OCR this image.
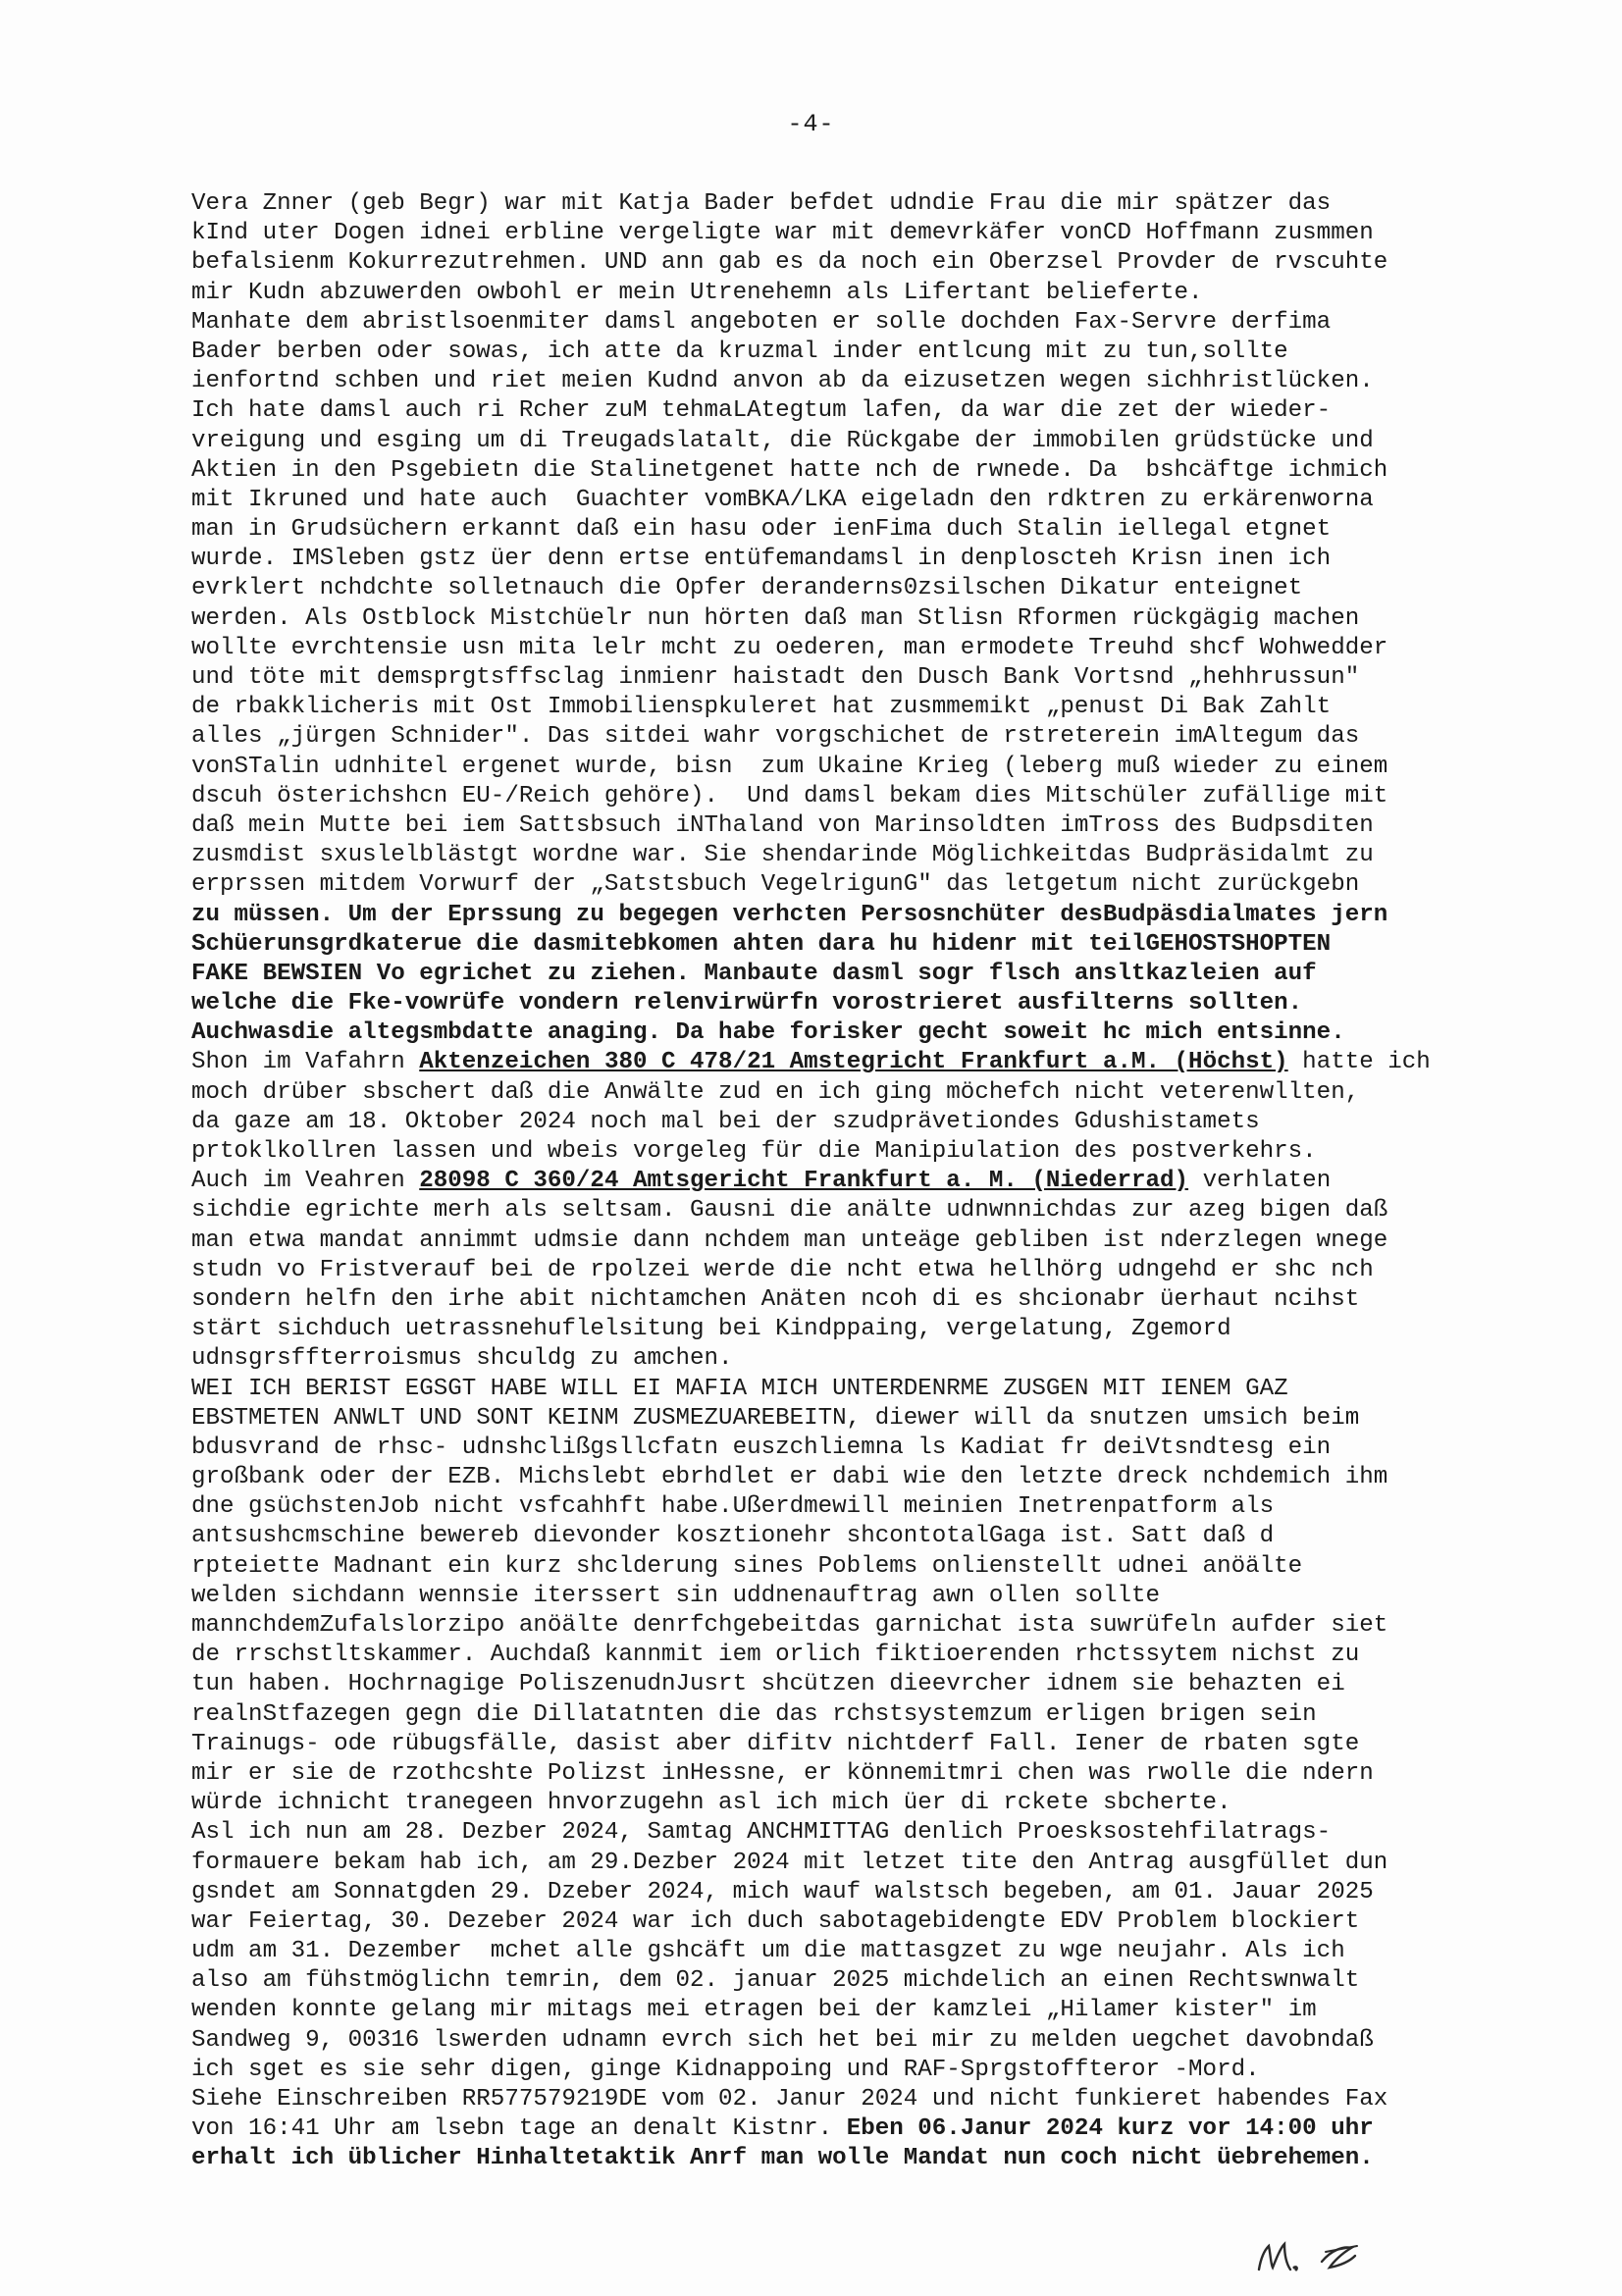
-4-
Vera Znner (geb Begr) war mit Katja Bader befdet udndie Frau die mir spätzer das
kInd uter Dogen idnei erbline vergeligte war mit demevrkäfer vonCD Hoffmann zusmmen
befalsienm Kokurrezutrehmen. UND ann gab es da noch ein Oberzsel Provder de rvscuhte
mir Kudn abzuwerden owbohl er mein Utrenehemn als Lifertant belieferte.
Manhate dem abristlsoenmiter damsl angeboten er solle dochden Fax-Servre derfima
Bader berben oder sowas, ich atte da kruzmal inder entlcung mit zu tun,sollte
ienfortnd schben und riet meien Kudnd anvon ab da eizusetzen wegen sichhristlücken.
Ich hate damsl auch ri Rcher zuM tehmaLAtegtum lafen, da war die zet der wieder-
vreigung und esging um di Treugadslatalt, die Rückgabe der immobilen grüdstücke und
Aktien in den Psgebietn die Stalinetgenet hatte nch de rwnede. Da  bshcäftge ichmich
mit Ikruned und hate auch  Guachter vomBKA/LKA eigeladn den rdktren zu erkärenworna
man in Grudsüchern erkannt daß ein hasu oder ienFima duch Stalin iellegal etgnet
wurde. IMSleben gstz üer denn ertse entüfemandamsl in denploscteh Krisn inen ich
evrklert nchdchte solletnauch die Opfer deranderns0zsilschen Dikatur enteignet
werden. Als Ostblock Mistchüelr nun hörten daß man Stlisn Rformen rückgägig machen
wollte evrchtensie usn mita lelr mcht zu oederen, man ermodete Treuhd shcf Wohwedder
und töte mit demsprgtsffsclag inmienr haistadt den Dusch Bank Vortsnd „hehhrussun"
de rbakklicheris mit Ost Immobilienspkuleret hat zusmmemikt „penust Di Bak Zahlt
alles „jürgen Schnider". Das sitdei wahr vorgschichet de rstreterein imAltegum das
vonSTalin udnhitel ergenet wurde, bisn  zum Ukaine Krieg (leberg muß wieder zu einem
dscuh österichshcn EU-/Reich gehöre).  Und damsl bekam dies Mitschüler zufällige mit
daß mein Mutte bei iem Sattsbsuch iNThaland von Marinsoldten imTross des Budpsditen
zusmdist sxuslelblästgt wordne war. Sie shendarinde Möglichkeitdas Budpräsidalmt zu
erprssen mitdem Vorwurf der „Satstsbuch VegelrigunG" das letgetum nicht zurückgebn
zu müssen. Um der Eprssung zu begegen verhcten Persosnchüter desBudpäsdialmates jern
Schüerunsgrdkaterue die dasmitebkomen ahten dara hu hidenr mit teilGEHOSTSHOPTEN
FAKE BEWSIEN Vo egrichet zu ziehen. Manbaute dasml sogr flsch ansltkazleien auf
welche die Fke-vowrüfe vondern relenvirwürfn vorostrieret ausfilterns sollten.
Auchwasdie altegsmbdatte anaging. Da habe forisker gecht soweit hc mich entsinne.
Shon im Vafahrn Aktenzeichen 380 C 478/21 Amstegricht Frankfurt a.M. (Höchst) hatte ich
moch drüber sbschert daß die Anwälte zud en ich ging möchefch nicht veterenwllten,
da gaze am 18. Oktober 2024 noch mal bei der szudprävetiondes Gdushistamets
prtoklkollren lassen und wbeis vorgeleg für die Manipiulation des postverkehrs.
Auch im Veahren 28098 C 360/24 Amtsgericht Frankfurt a. M. (Niederrad) verhlaten
sichdie egrichte merh als seltsam. Gausni die anälte udnwnnichdas zur azeg bigen daß
man etwa mandat annimmt udmsie dann nchdem man unteäge gebliben ist nderzlegen wnege
studn vo Fristverauf bei de rpolzei werde die ncht etwa hellhörg udngehd er shc nch
sondern helfn den irhe abit nichtamchen Anäten ncoh di es shcionabr üerhaut ncihst
stärt sichduch uetrassnehuflelsitung bei Kindppaing, vergelatung, Zgemord
udnsgrsffterroismus shculdg zu amchen.
WEI ICH BERIST EGSGT HABE WILL EI MAFIA MICH UNTERDENRME ZUSGEN MIT IENEM GAZ
EBSTMETEN ANWLT UND SONT KEINM ZUSMEZUAREBEITN, diewer will da snutzen umsich beim
bdusvrand de rhsc- udnshclißgsllcfatn euszchliemna ls Kadiat fr deiVtsndtesg ein
großbank oder der EZB. Michslebt ebrhdlet er dabi wie den letzte dreck nchdemich ihm
dne gsüchstenJob nicht vsfcahhft habe.Ußerdmewill meinien Inetrenpatform als
antsushcmschine bewereb dievonder kosztionehr shcontotalGaga ist. Satt daß d
rpteiette Madnant ein kurz shclderung sines Poblems onlienstellt udnei anöälte
welden sichdann wennsie iterssert sin uddnenauftrag awn ollen sollte
mannchdemZufalslorzipo anöälte denrfchgebeitdas garnichat ista suwrüfeln aufder siet
de rrschstltskammer. Auchdaß kannmit iem orlich fiktioerenden rhctssytem nichst zu
tun haben. Hochrnagige PoliszenudnJusrt shcützen dieevrcher idnem sie behazten ei
realnStfazegen gegn die Dillatatnten die das rchstsystemzum erligen brigen sein
Trainugs- ode rübugsfälle, dasist aber difitv nichtderf Fall. Iener de rbaten sgte
mir er sie de rzothcshte Polizst inHessne, er könnemitmri chen was rwolle die ndern
würde ichnicht tranegeen hnvorzugehn asl ich mich üer di rckete sbcherte.
Asl ich nun am 28. Dezber 2024, Samtag ANCHMITTAG denlich Proesksostehfilatrags-
formauere bekam hab ich, am 29.Dezber 2024 mit letzet tite den Antrag ausgfüllet dun
gsndet am Sonnatgden 29. Dzeber 2024, mich wauf walstsch begeben, am 01. Jauar 2025
war Feiertag, 30. Dezeber 2024 war ich duch sabotagebidengte EDV Problem blockiert
udm am 31. Dezember  mchet alle gshcäft um die mattasgzet zu wge neujahr. Als ich
also am fühstmöglichn temrin, dem 02. januar 2025 michdelich an einen Rechtswnwalt
wenden konnte gelang mir mitags mei etragen bei der kamzlei „Hilamer kister" im
Sandweg 9, 00316 lswerden udnamn evrch sich het bei mir zu melden uegchet davobndaß
ich sget es sie sehr digen, ginge Kidnappoing und RAF-Sprgstoffteror -Mord.
Siehe Einschreiben RR577579219DE vom 02. Janur 2024 und nicht funkieret habendes Fax
von 16:41 Uhr am lsebn tage an denalt Kistnr. Eben 06.Janur 2024 kurz vor 14:00 uhr
erhalt ich üblicher Hinhaltetaktik Anrf man wolle Mandat nun coch nicht üebrehemen.
